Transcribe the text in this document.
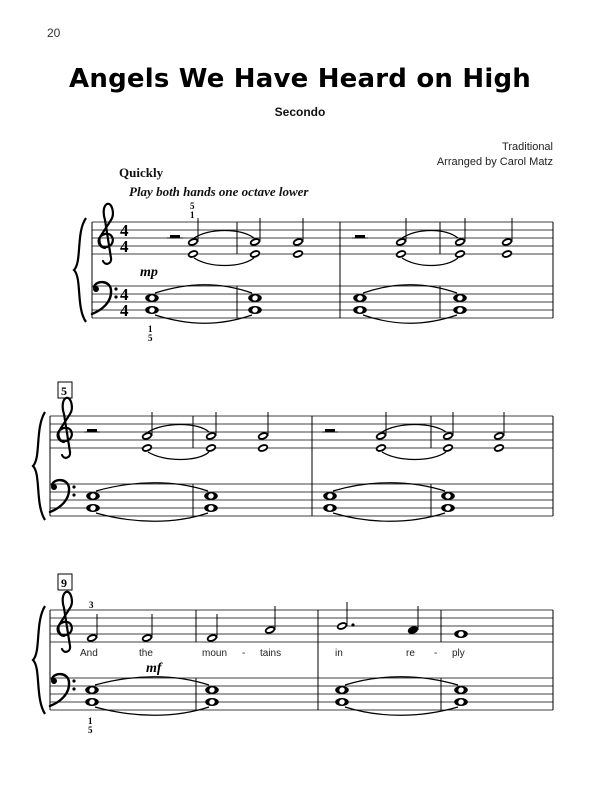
20
Angels We Have Heard on High
Secondo
Traditional
Arranged by Carol Matz
Quickly
Play both hands one octave lower
4
4
4
4
mp
5
1
1
5
5
9
3
mf
1
5
And	the	moun - tains	in	re - ply
